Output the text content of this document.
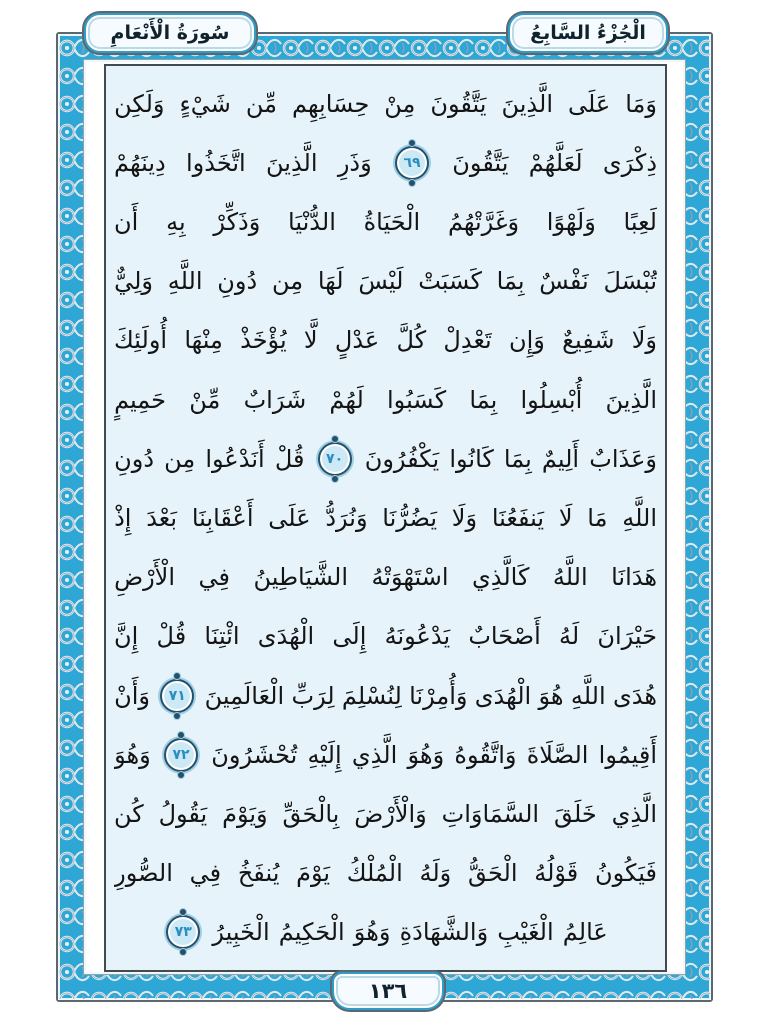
وَمَا
عَلَى
الَّذِينَ
يَتَّقُونَ
مِنْ
حِسَابِهِم
مِّن
شَيْءٍ
وَلَكِن
ذِكْرَى
لَعَلَّهُمْ
يَتَّقُونَ
٦٩
وَذَرِ
الَّذِينَ
اتَّخَذُوا
دِينَهُمْ
لَعِبًا
وَلَهْوًا
وَغَرَّتْهُمُ
الْحَيَاةُ
الدُّنْيَا
وَذَكِّرْ
بِهِ
أَن
تُبْسَلَ
نَفْسٌ
بِمَا
كَسَبَتْ
لَيْسَ
لَهَا
مِن
دُونِ
اللَّهِ
وَلِيٌّ
وَلَا
شَفِيعٌ
وَإِن
تَعْدِلْ
كُلَّ
عَدْلٍ
لَّا
يُؤْخَذْ
مِنْهَا
أُولَئِكَ
الَّذِينَ
أُبْسِلُوا
بِمَا
كَسَبُوا
لَهُمْ
شَرَابٌ
مِّنْ
حَمِيمٍ
وَعَذَابٌ
أَلِيمٌ
بِمَا
كَانُوا
يَكْفُرُونَ
٧٠
قُلْ
أَنَدْعُوا
مِن
دُونِ
اللَّهِ
مَا
لَا
يَنفَعُنَا
وَلَا
يَضُرُّنَا
وَنُرَدُّ
عَلَى
أَعْقَابِنَا
بَعْدَ
إِذْ
هَدَانَا
اللَّهُ
كَالَّذِي
اسْتَهْوَتْهُ
الشَّيَاطِينُ
فِي
الْأَرْضِ
حَيْرَانَ
لَهُ
أَصْحَابٌ
يَدْعُونَهُ
إِلَى
الْهُدَى
ائْتِنَا
قُلْ
إِنَّ
هُدَى
اللَّهِ
هُوَ
الْهُدَى
وَأُمِرْنَا
لِنُسْلِمَ
لِرَبِّ
الْعَالَمِينَ
٧١
وَأَنْ
أَقِيمُوا
الصَّلَاةَ
وَاتَّقُوهُ
وَهُوَ
الَّذِي
إِلَيْهِ
تُحْشَرُونَ
٧٢
وَهُوَ
الَّذِي
خَلَقَ
السَّمَاوَاتِ
وَالْأَرْضَ
بِالْحَقِّ
وَيَوْمَ
يَقُولُ
كُن
فَيَكُونُ
قَوْلُهُ
الْحَقُّ
وَلَهُ
الْمُلْكُ
يَوْمَ
يُنفَخُ
فِي
الصُّورِ
عَالِمُ
الْغَيْبِ
وَالشَّهَادَةِ
وَهُوَ
الْحَكِيمُ
الْخَبِيرُ
٧٣
سُورَةُ الْأَنْعَامِ	الْجُزْءُ السَّابِعُ
١٣٦
